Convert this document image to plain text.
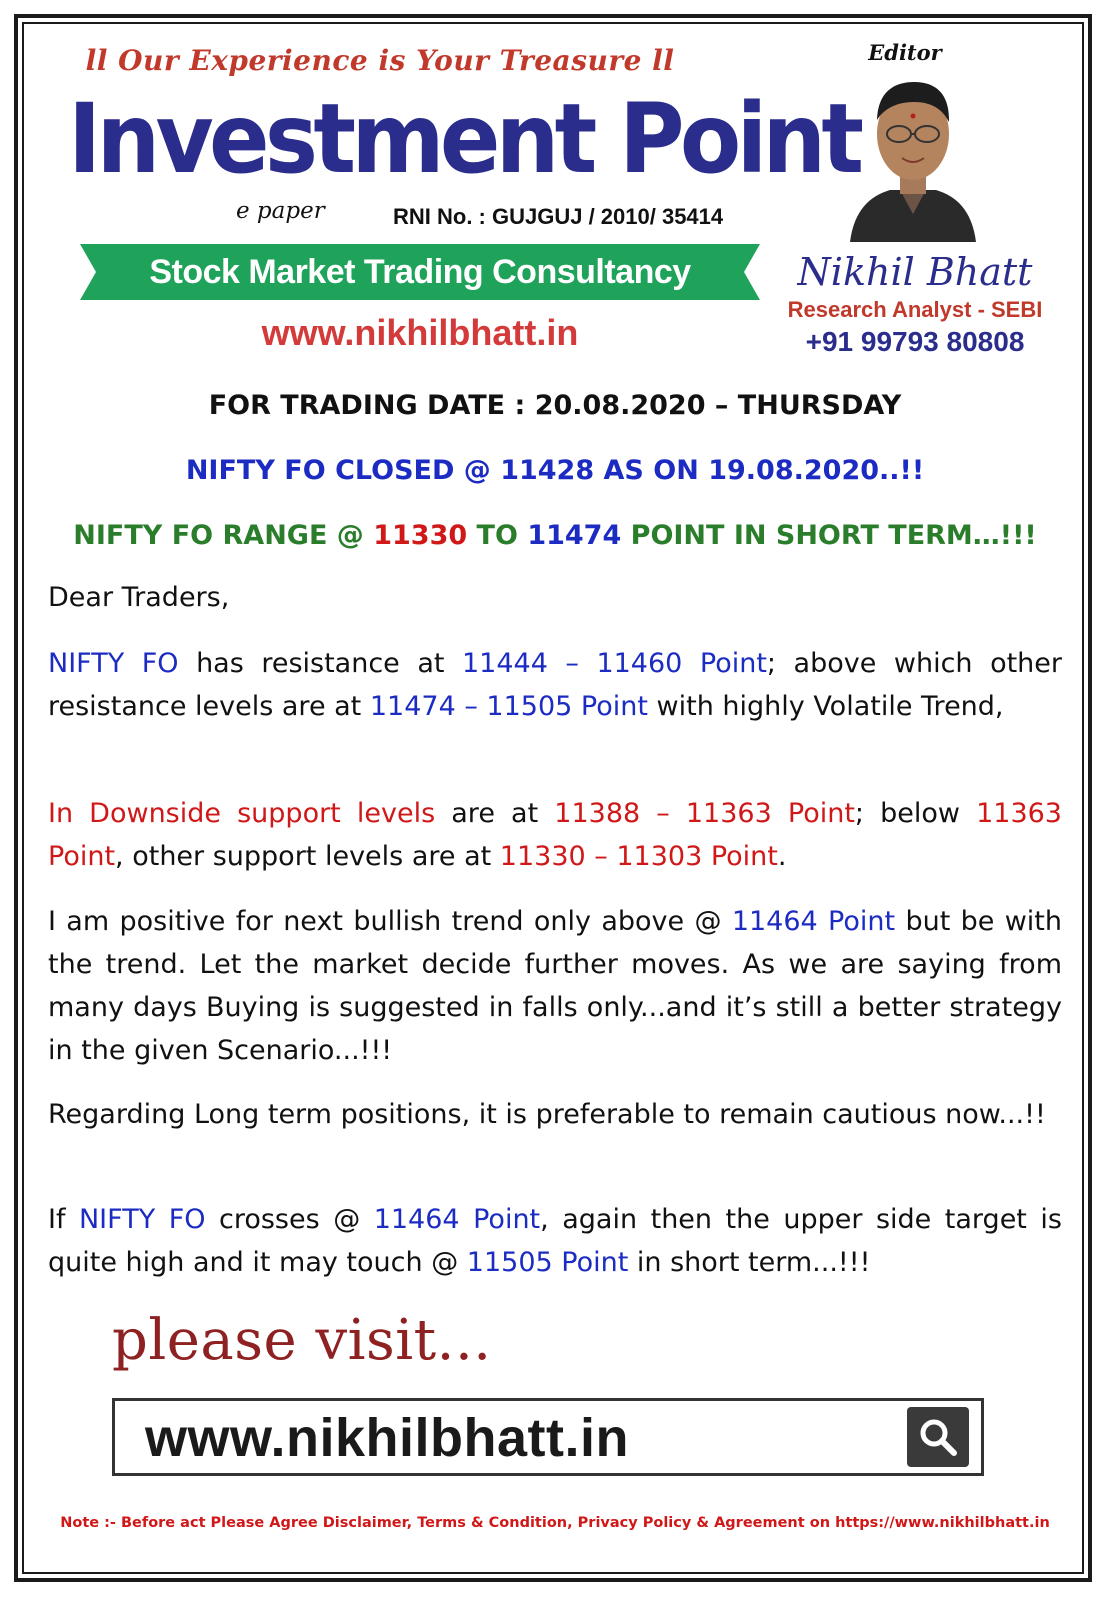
ll Our Experience is Your Treasure ll
Investment Point
e paper	RNI No. : GUJGUJ / 2010/ 35414
Stock Market Trading Consultancy
www.nikhilbhatt.in
Editor
Nikhil Bhatt
Research Analyst - SEBI
+91 99793 80808
FOR TRADING DATE : 20.08.2020 – THURSDAY
NIFTY FO CLOSED @ 11428 AS ON 19.08.2020..!!
NIFTY FO RANGE @ 11330 TO 11474 POINT IN SHORT TERM…!!!
Dear Traders,
NIFTY FO has resistance at 11444 – 11460 Point; above which other resistance levels are at 11474 – 11505 Point with highly Volatile Trend,
In Downside support levels are at 11388 – 11363 Point; below 11363 Point, other support levels are at 11330 – 11303 Point.
I am positive for next bullish trend only above @ 11464 Point but be with the trend. Let the market decide further moves. As we are saying from many days Buying is suggested in falls only...and it’s still a better strategy in the given Scenario...!!!
Regarding Long term positions, it is preferable to remain cautious now...!!
If NIFTY FO crosses @ 11464 Point, again then the upper side target is quite high and it may touch @ 11505 Point in short term...!!!
please visit...
www.nikhilbhatt.in
Note :- Before act Please Agree Disclaimer, Terms & Condition, Privacy Policy & Agreement on https://www.nikhilbhatt.in
